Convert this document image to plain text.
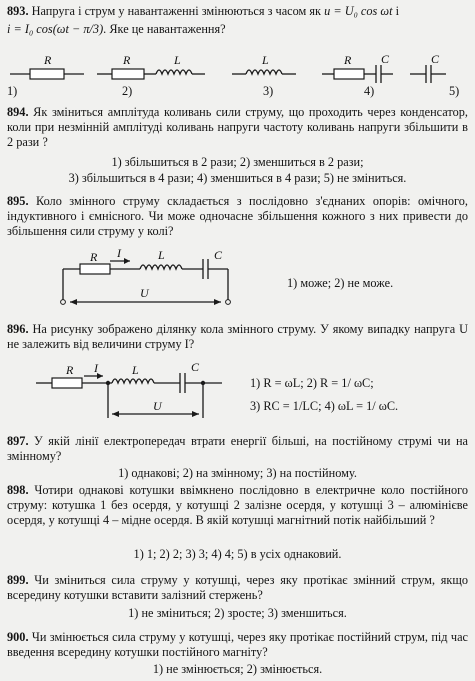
893. Напруга і струм у навантаженні змінюються з часом як u = U₀ cos ωt і
i = I₀ cos(ωt − π/3). Яке це навантаження?
R	R	L	L	R C	C
R I	L	C
U
R I	L	C
U
1)	2)	3)	4)	5)
894. Як зміниться амплітуда коливань сили струму, що проходить через конденсатор, коли при незмінній амплітуді коливань напруги частоту коливань напруги збільшити в 2 рази ?
1) збільшиться в 2 рази; 2) зменшиться в 2 рази;
3) збільшиться в 4 рази; 4) зменшиться в 4 рази; 5) не зміниться.
895. Коло змінного струму складається з послідовно з'єднаних опорів: омічного, індуктивного і ємнісного. Чи може одночасне збільшення кожного з них привести до збільшення сили струму у колі?
1) може; 2) не може.
896. На рисунку зображено ділянку кола змінного струму. У якому випадку напруга U не залежить від величини струму I?
1) R = ωL; 2) R = 1/ ωC;
3) RC = 1/LC; 4) ωL = 1/ ωC.
897. У якій лінії електропередач втрати енергії більші, на постійному струмі чи на змінному?
1) однакові; 2) на змінному; 3) на постійному.
898. Чотири однакові котушки ввімкнено послідовно в електричне коло постійного струму: котушка 1 без осердя, у котушці 2 залізне осердя, у котушці 3 – алюмінієве осердя, у котушці 4 – мідне осердя. В якій котушці магнітний потік найбільший ?
1) 1; 2) 2; 3) 3; 4) 4; 5) в усіх однаковий.
899. Чи зміниться сила струму у котушці, через яку протікає змінний струм, якщо всередину котушки вставити залізний стержень?
1) не зміниться; 2) зросте; 3) зменшиться.
900. Чи змінюється сила струму у котушці, через яку протікає постійний струм, під час введення всередину котушки постійного магніту?
1) не змінюється; 2) змінюється.
